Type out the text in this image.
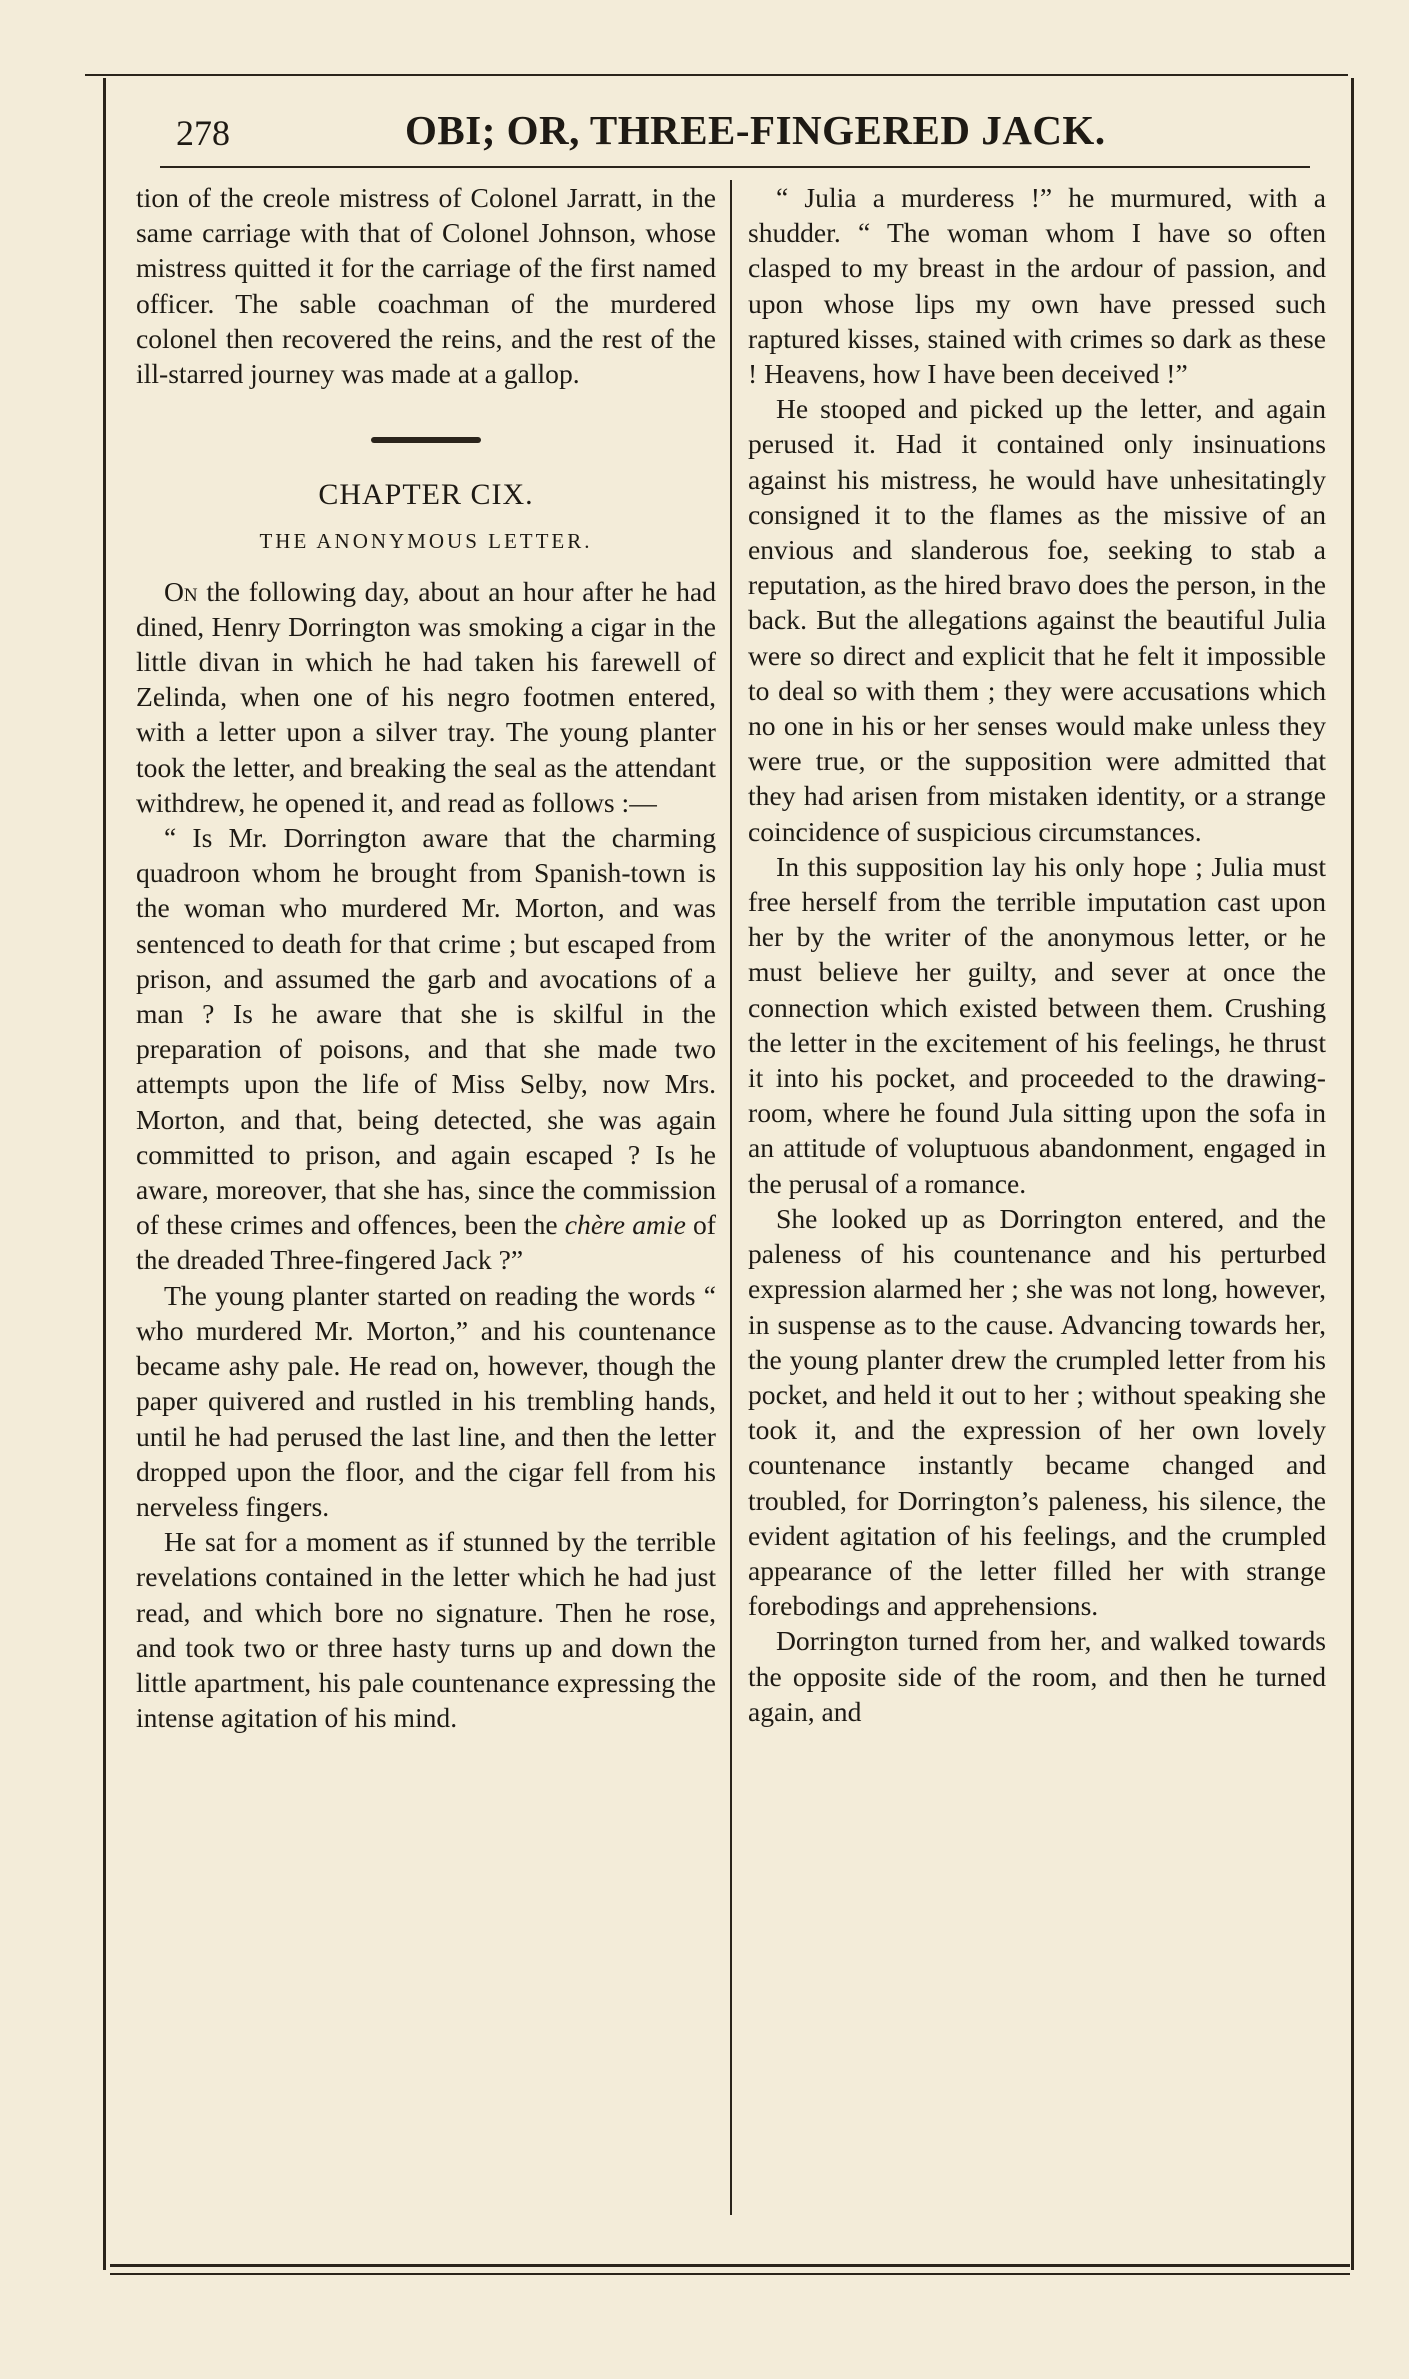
278	OBI; OR, THREE-FINGERED JACK.

tion of the creole mistress of Colonel Jarratt, in the same carriage with that of Colonel Johnson, whose mistress quitted it for the carriage of the first named officer. The sable coachman of the murdered colonel then recovered the reins, and the rest of the ill-starred journey was made at a gallop.

CHAPTER CIX.
THE ANONYMOUS LETTER.

On the following day, about an hour after he had dined, Henry Dorrington was smoking a cigar in the little divan in which he had taken his farewell of Zelinda, when one of his negro footmen entered, with a letter upon a silver tray. The young planter took the letter, and breaking the seal as the attendant withdrew, he opened it, and read as follows :—

“ Is Mr. Dorrington aware that the charming quadroon whom he brought from Spanish-town is the woman who murdered Mr. Morton, and was sentenced to death for that crime ; but escaped from prison, and assumed the garb and avocations of a man ? Is he aware that she is skilful in the preparation of poisons, and that she made two attempts upon the life of Miss Selby, now Mrs. Morton, and that, being detected, she was again committed to prison, and again escaped ? Is he aware, moreover, that she has, since the commission of these crimes and offences, been the chère amie of the dreaded Three-fingered Jack ?”

The young planter started on reading the words “ who murdered Mr. Morton,” and his countenance became ashy pale. He read on, however, though the paper quivered and rustled in his trembling hands, until he had perused the last line, and then the letter dropped upon the floor, and the cigar fell from his nerveless fingers.

He sat for a moment as if stunned by the terrible revelations contained in the letter which he had just read, and which bore no signature. Then he rose, and took two or three hasty turns up and down the little apartment, his pale countenance expressing the intense agitation of his mind.

“ Julia a murderess !” he murmured, with a shudder. “ The woman whom I have so often clasped to my breast in the ardour of passion, and upon whose lips my own have pressed such raptured kisses, stained with crimes so dark as these ! Heavens, how I have been deceived !”

He stooped and picked up the letter, and again perused it. Had it contained only insinuations against his mistress, he would have unhesitatingly consigned it to the flames as the missive of an envious and slanderous foe, seeking to stab a reputation, as the hired bravo does the person, in the back. But the allegations against the beautiful Julia were so direct and explicit that he felt it impossible to deal so with them ; they were accusations which no one in his or her senses would make unless they were true, or the supposition were admitted that they had arisen from mistaken identity, or a strange coincidence of suspicious circumstances.

In this supposition lay his only hope ; Julia must free herself from the terrible imputation cast upon her by the writer of the anonymous letter, or he must believe her guilty, and sever at once the connection which existed between them. Crushing the letter in the excitement of his feelings, he thrust it into his pocket, and proceeded to the drawing-room, where he found Jula sitting upon the sofa in an attitude of voluptuous abandonment, engaged in the perusal of a romance.

She looked up as Dorrington entered, and the paleness of his countenance and his perturbed expression alarmed her ; she was not long, however, in suspense as to the cause. Advancing towards her, the young planter drew the crumpled letter from his pocket, and held it out to her ; without speaking she took it, and the expression of her own lovely countenance instantly became changed and troubled, for Dorrington’s paleness, his silence, the evident agitation of his feelings, and the crumpled appearance of the letter filled her with strange forebodings and apprehensions.

Dorrington turned from her, and walked towards the opposite side of the room, and then he turned again, and
